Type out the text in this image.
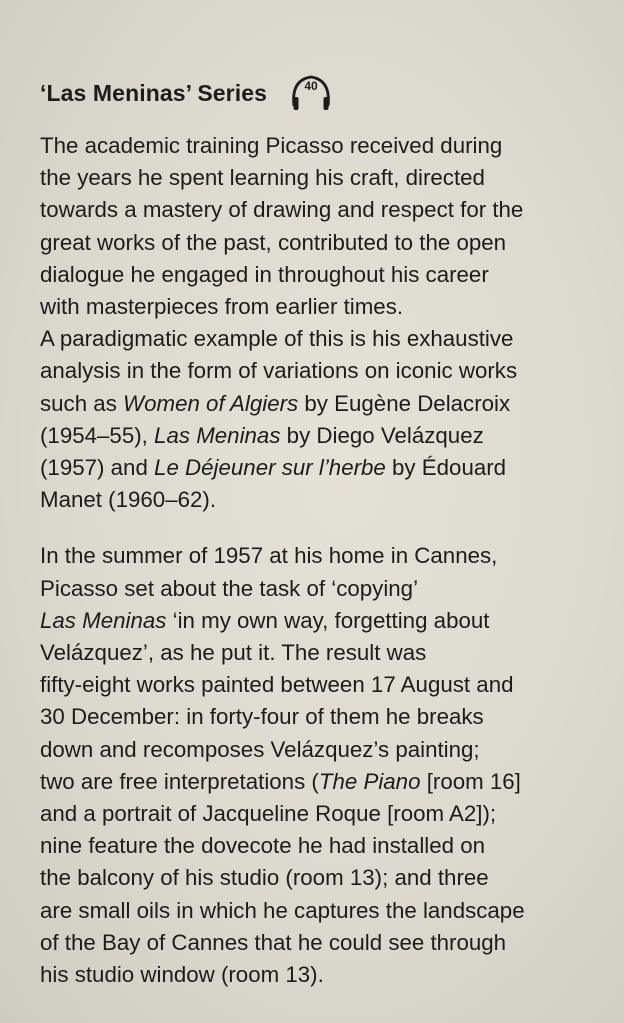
‘Las Meninas’ Series	40
The academic training Picasso received during
the years he spent learning his craft, directed
towards a mastery of drawing and respect for the
great works of the past, contributed to the open
dialogue he engaged in throughout his career
with masterpieces from earlier times.
A paradigmatic example of this is his exhaustive
analysis in the form of variations on iconic works
such as Women of Algiers by Eugène Delacroix
(1954–55), Las Meninas by Diego Velázquez
(1957) and Le Déjeuner sur l’herbe by Édouard
Manet (1960–62).
In the summer of 1957 at his home in Cannes,
Picasso set about the task of ‘copying’
Las Meninas ‘in my own way, forgetting about
Velázquez’, as he put it. The result was
fifty-eight works painted between 17 August and
30 December: in forty-four of them he breaks
down and recomposes Velázquez’s painting;
two are free interpretations (The Piano [room 16]
and a portrait of Jacqueline Roque [room A2]);
nine feature the dovecote he had installed on
the balcony of his studio (room 13); and three
are small oils in which he captures the landscape
of the Bay of Cannes that he could see through
his studio window (room 13).
